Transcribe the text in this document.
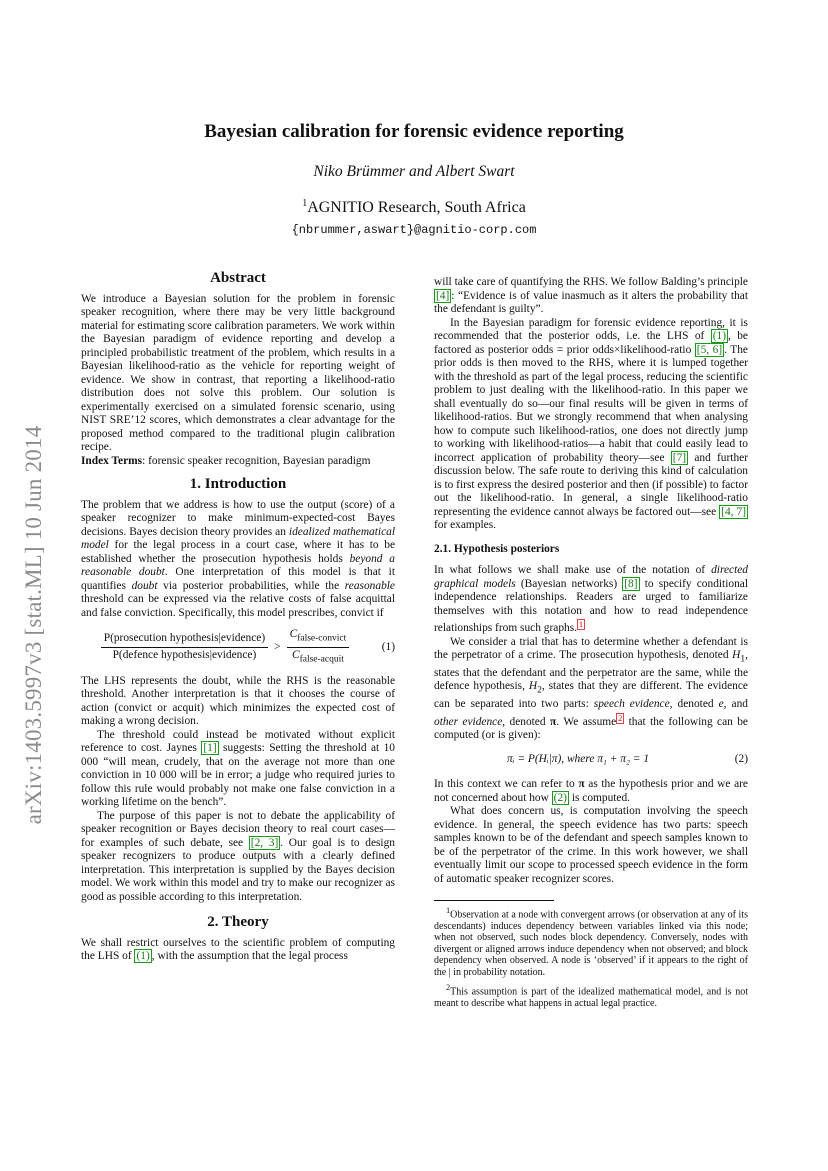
arXiv:1403.5997v3 [stat.ML] 10 Jun 2014
Bayesian calibration for forensic evidence reporting
Niko Brümmer and Albert Swart
$^1$AGNITIO Research, South Africa
{nbrummer,aswart}@agnitio-corp.com
Abstract

We introduce a Bayesian solution for the problem in forensic speaker recognition, where there may be very little background material for estimating score calibration parameters. We work within the Bayesian paradigm of evidence reporting and develop a principled probabilistic treatment of the problem, which results in a Bayesian likelihood-ratio as the vehicle for reporting weight of evidence. We show in contrast, that reporting a likelihood-ratio distribution does not solve this problem. Our solution is experimentally exercised on a simulated forensic scenario, using NIST SRE’12 scores, which demonstrates a clear advantage for the proposed method compared to the traditional plugin calibration recipe.

Index Terms: forensic speaker recognition, Bayesian paradigm

1. Introduction

The problem that we address is how to use the output (score) of a speaker recognizer to make minimum-expected-cost Bayes decisions. Bayes decision theory provides an idealized mathematical model for the legal process in a court case, where it has to be established whether the prosecution hypothesis holds beyond a reasonable doubt. One interpretation of this model is that it quantifies doubt via posterior probabilities, while the reasonable threshold can be expressed via the relative costs of false acquittal and false conviction. Specifically, this model prescribes, convict if

$\frac{\text{P(prosecution hypothesis|evidence)}}{\text{P(defence hypothesis|evidence)}} > \frac{C_{false-convict}}{C_{false-acquit}}$	(1)

The LHS represents the doubt, while the RHS is the reasonable threshold. Another interpretation is that it chooses the course of action (convict or acquit) which minimizes the expected cost of making a wrong decision.

The threshold could instead be motivated without explicit reference to cost. Jaynes [1] suggests: Setting the threshold at 10 000 “will mean, crudely, that on the average not more than one conviction in 10 000 will be in error; a judge who required juries to follow this rule would probably not make one false conviction in a working lifetime on the bench”.

The purpose of this paper is not to debate the applicability of speaker recognition or Bayes decision theory to real court cases—for examples of such debate, see [2, 3] . Our goal is to design speaker recognizers to produce outputs with a clearly defined interpretation. This interpretation is supplied by the Bayes decision model. We work within this model and try to make our recognizer as good as possible according to this interpretation.

2. Theory

We shall restrict ourselves to the scientific problem of computing the LHS of (1) , with the assumption that the legal process

will take care of quantifying the RHS. We follow Balding’s principle [4] : “Evidence is of value inasmuch as it alters the probability that the defendant is guilty”.

In the Bayesian paradigm for forensic evidence reporting, it is recommended that the posterior odds, i.e. the LHS of (1) , be factored as posterior odds = prior odds×likelihood-ratio [5, 6] . The prior odds is then moved to the RHS, where it is lumped together with the threshold as part of the legal process, reducing the scientific problem to just dealing with the likelihood-ratio. In this paper we shall eventually do so—our final results will be given in terms of likelihood-ratios. But we strongly recommend that when analysing how to compute such likelihood-ratios, one does not directly jump to working with likelihood-ratios—a habit that could easily lead to incorrect application of probability theory—see [7] and further discussion below. The safe route to deriving this kind of calculation is to first express the desired posterior and then (if possible) to factor out the likelihood-ratio. In general, a single likelihood-ratio representing the evidence cannot always be factored out—see [4, 7] for examples.

2.1. Hypothesis posteriors

In what follows we shall make use of the notation of directed graphical models (Bayesian networks) [8] to specify conditional independence relationships. Readers are urged to familiarize themselves with this notation and how to read independence relationships from such graphs. $^1$

We consider a trial that has to determine whether a defendant is the perpetrator of a crime. The prosecution hypothesis, denoted $H_1$, states that the defendant and the perpetrator are the same, while the defence hypothesis, $H_2$, states that they are different. The evidence can be separated into two parts: speech evidence, denoted e, and other evidence, denoted π. We assume $^2$ that the following can be computed (or is given):

πᵢ = P(Hᵢ|π), where π₁ + π₂ = 1	(2)

In this context we can refer to π as the hypothesis prior and we are not concerned about how (2) is computed.

What does concern us, is computation involving the speech evidence. In general, the speech evidence has two parts: speech samples known to be of the defendant and speech samples known to be of the perpetrator of the crime. In this work however, we shall eventually limit our scope to processed speech evidence in the form of automatic speaker recognizer scores.

$^1$Observation at a node with convergent arrows (or observation at any of its descendants) induces dependency between variables linked via this node; when not observed, such nodes block dependency. Conversely, nodes with divergent or aligned arrows induce dependency when not observed; and block dependency when observed. A node is ‘observed’ if it appears to the right of the | in probability notation.

$^2$This assumption is part of the idealized mathematical model, and is not meant to describe what happens in actual legal practice.
